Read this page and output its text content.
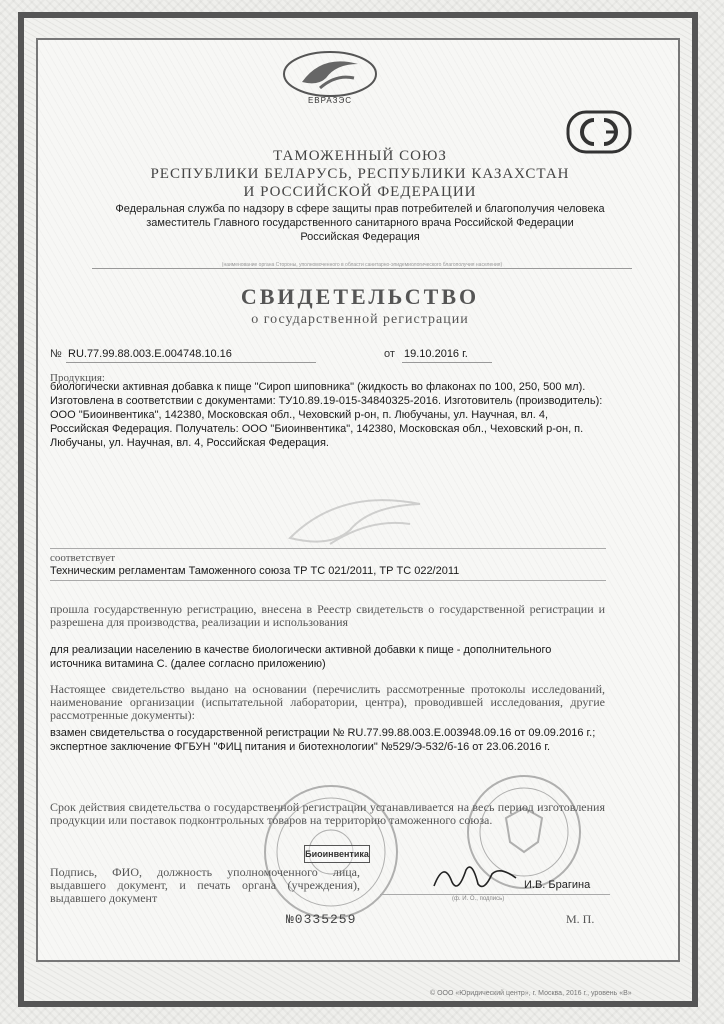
ЕВРАЗЭС
ТАМОЖЕННЫЙ СОЮЗ
РЕСПУБЛИКИ БЕЛАРУСЬ, РЕСПУБЛИКИ КАЗАХСТАН
И РОССИЙСКОЙ ФЕДЕРАЦИИ
Федеральная служба по надзору в сфере защиты прав потребителей и благополучия человека
заместитель Главного государственного санитарного врача Российской Федерации
Российская Федерация
(наименование органа Стороны, уполномоченного в области санитарно-эпидемиологического благополучия населения)
СВИДЕТЕЛЬСТВО
о государственной регистрации
№ RU.77.99.88.003.E.004748.10.16	от 19.10.2016 г.
Продукция:
биологически активная добавка к пище "Сироп шиповника" (жидкость во флаконах по 100, 250, 500 мл). Изготовлена в соответствии с документами: ТУ10.89.19-015-34840325-2016. Изготовитель (производитель): ООО "Биоинвентика", 142380, Московская обл., Чеховский р-он, п. Любучаны, ул. Научная, вл. 4, Российская Федерация. Получатель: ООО "Биоинвентика", 142380, Московская обл., Чеховский р-он, п. Любучаны, ул. Научная, вл. 4, Российская Федерация.
соответствует
Техническим регламентам Таможенного союза ТР ТС 021/2011, ТР ТС 022/2011
прошла государственную регистрацию, внесена в Реестр свидетельств о государственной регистрации и разрешена для производства, реализации и использования
для реализации населению в качестве биологически активной добавки к пище - дополнительного источника витамина С. (далее согласно приложению)
Настоящее свидетельство выдано на основании (перечислить рассмотренные протоколы исследований, наименование организации (испытательной лаборатории, центра), проводившей исследования, другие рассмотренные документы):
взамен свидетельства о государственной регистрации № RU.77.99.88.003.E.003948.09.16 от 09.09.2016 г.; экспертное заключение ФГБУН "ФИЦ питания и биотехнологии" №529/Э-532/б-16 от 23.06.2016 г.
Срок действия свидетельства о государственной регистрации устанавливается на весь период изготовления продукции или поставок подконтрольных товаров на территорию таможенного союза.
Биоинвентика
Подпись, ФИО, должность уполномоченного лица, выдавшего документ, и печать органа (учреждения), выдавшего документ
И.В. Брагина
(ф. И. О., подпись)
№0335259	М. П.
© ООО «Юридический центр», г. Москва, 2016 г., уровень «В»
